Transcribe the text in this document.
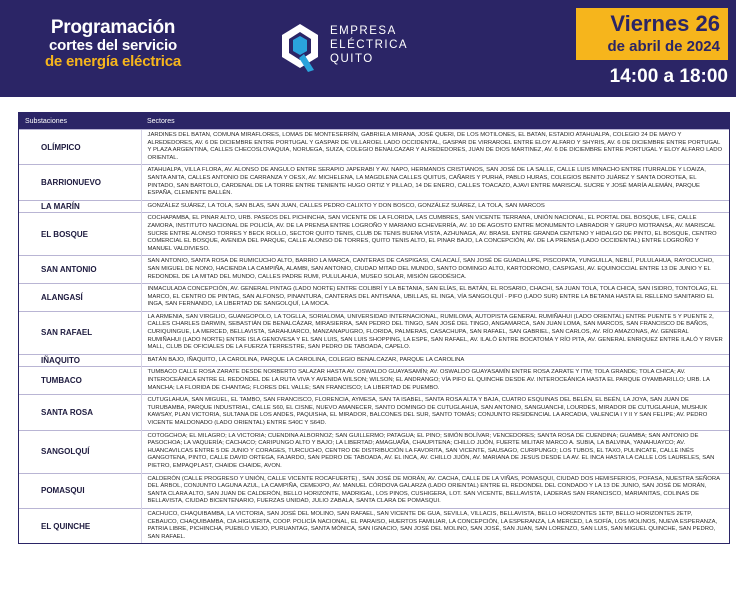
Programación
cortes del servicio
de energía eléctrica
EMPRESA
ELÉCTRICA
QUITO
Viernes 26
de abril de 2024
14:00 a 18:00
Substaciones	Sectores
OLÍMPICO	JARDINES DEL BATAN, COMUNA MIRAFLORES, LOMAS DE MONTESERRÍN, GABRIELA MIRANA, JOSÉ QUERI, DE LOS MOTILONES, EL BATAN, ESTADIO ATAHUALPA, COLEGIO 24 DE MAYO Y ALREDEDORES, AV. 6 DE DICIEMBRE ENTRE PORTUGAL Y GASPAR DE VILLAROEL LADO OCCIDENTAL, GASPAR DE VIRRAROEL ENTRE ELOY ALFARO Y SHYRIS, AV. 6 DE DICIEMBRE ENTRE PORTUGAL Y PLAZA ARGENTINA, CALLES CHECOSLOVAQUIA, NORUEGA, SUIZA, COLEGIO BENALCAZAR Y ALREDEDORES, JUAN DE DIOS MARTINEZ, AV. 6 DE DICIEMBRE ENTRE PORTUGAL Y ELOY ALFARO LADO ORIENTAL.
BARRIONUEVO	ATAHUALPA, VILLA FLORA, AV. ALONSO DE ANGULO ENTRE SERAPIO JAPERABI Y AV. NAPO, HERMANOS CRISTIANOS, SAN JOSÉ DE LA SALLE, CALLE LUIS MINACHO ENTRE ITURRALDE Y LOAIZA, SANTA ANITA, CALLES ANTONIO DE CARRANZA Y OESX, AV. MICHELENA, LA MAGDLENA CALLES QUITUS, CAÑARIS Y PURHÁ, PABLO HURAS, COLEGIOS BENITO JUÁREZ Y SANTA DOROTEA, EL PINTADO, SAN BARTOLO, CARDENAL DE LA TORRE ENTRE TENIENTE HUGO ORTIZ Y PILLAO, 14 DE ENERO, CALLES TOACAZO, AJAVI ENTRE MARISCAL SUCRE Y JOSÉ MARÍA ALEMÁN, PARQUE ESPAÑA, CLEMENTE BALLÉN.
LA MARÍN	GONZÁLEZ SUÁREZ, LA TOLA, SAN BLAS, SAN JUAN, CALLES PEDRO CALIXTO Y DON BOSCO, GONZÁLEZ SUÁREZ, LA TOLA, SAN MARCOS
EL BOSQUE	COCHAPAMBA, EL PINAR ALTO, URB. PASEOS DEL PICHINCHA, SAN VICENTE DE LA FLORIDA, LAS CUMBRES, SAN VICENTE TERRANA, UNIÓN NACIONAL, EL PORTAL DEL BOSQUE, LIFE, CALLE ZAMORA, INSTITUTO NACIONAL DE POLICÍA, AV. DE LA PRENSA ENTRE LOGROÑO Y MARIANO ECHEVERRÍA, AV. 10 DE AGOSTO ENTRE MONUMENTO LABRADOR Y GRUPO MOTRANSA, AV. MARISCAL SUCRE ENTRE ALONSO TORRES Y BECK ROLLO, SECTOR QUITO TENIS, CLUB DE TENIS BUENA VISTA, AZHUNAGA, AV. BRASIL ENTRE GRANDA CENTENO Y HIDALGO DE PINTO, EL BOSQUE, CENTRO COMERCIAL EL BOSQUE, AVENIDA DEL PARQUE, CALLE ALONSO DE TORRES, QUITO TENIS ALTO, EL PINAR BAJO, LA CONCEPCIÓN, AV. DE LA PRENSA (LADO OCCIDENTAL) ENTRE LOGROÑO Y MANUEL VALDIVIESO.
SAN ANTONIO	SAN ANTONIO, SANTA ROSA DE RUMICUCHO ALTO, BARRIO LA MARCA, CANTERAS DE CASPIGASI, CALACALÍ, SAN JOSÉ DE GUADALUPE, PISCOPATA, YUNGUILLA, NEBLÍ, PULULAHUA, RAYOCUCHO, SAN MIGUEL DE NONO, HACIENDA LA CAMPIÑA, ALAMBI, SAN ANTONIO, CIUDAD MITAD DEL MUNDO, SANTO DOMINGO ALTO, KARTODROMO, CASPIGASI, AV. EQUINOCCIAL ENTRE 13 DE JUNIO Y EL REDONDEL DE LA MITAD DEL MUNDO, CALLES PADRE RUMI, PULULAHUA, MUSEO SOLAR, MISIÓN GEODÉSICA.
ALANGASÍ	INMACULADA CONCEPCIÓN, AV. GENERAL PINTAG (LADO NORTE) ENTRE COLIBRÍ Y LA BETANIA, SAN ELÍAS, EL BATÁN, EL ROSARIO, CHACHI, SA JUAN TOLA, TOLA CHICA, SAN ISIDRO, TONTOLAG, EL MARCO, EL CENTRO DE PINTAG, SAN ALFONSO, PINANTURA, CANTERAS DEL ANTISANA, UBILLAS, EL INGA, VÍA SANGOLQUÍ - PIFO (LADO SUR) ENTRE LA BETANIA HASTA EL RELLENO SANITARIO EL INGA, SAN FERNANDO, LA LIBERTAD DE SANGOLQUÍ, LA MOCA.
SAN RAFAEL	LA ARMENIA, SAN VIRGILIO, GUANGOPOLO, LA TOGLLA, SORIALOMA, UNIVERSIDAD INTERNACIONAL, RUMILOMA, AUTOPISTA GENERAL RUMIÑAHUI (LADO ORIENTAL) ENTRE PUENTE 5 Y PUENTE 2, CALLES CHARLES DARWIN, SEBASTIÁN DE BENALCÁZAR, MIRASIERRA, SAN PEDRO DEL TINGO, SAN JOSÉ DEL TINGO, ANGAMARCA, SAN JUAN LOMA, SAN MARCOS, SAN FRANCISCO DE BAÑOS, CURIQUINGUE, LA MERCED, BELLAVISTA, SARAHUARCO, MANZANAPUGRO, FLORIDA, PALMERAS, CASACHUPA, SAN RAFAEL, SAN GABRIEL, SAN CARLOS, AV. RÍO AMAZONAS, AV. GENERAL RUMIÑAHUI (LADO NORTE) ENTRE ISLA GENOVESA Y EL SAN LUIS, SAN LUIS SHOPPING, LA ESPE, SAN RAFAEL, AV. ILALÓ ENTRE BOCATOMA Y RÍO PITA, AV. GENERAL ENRIQUEZ ENTRE ILALÓ Y RIVER MALL, CLUB DE OFICIALES DE LA FUERZA TERRESTRE, SAN PEDRO DE TABOADA, CAPELO.
IÑAQUITO	BATÁN BAJO, IÑAQUITO, LA CAROLINA, PARQUE LA CAROLINA, COLEGIO BENALCAZAR, PARQUE LA CAROLINA
TUMBACO	TUMBACO CALLE ROSA ZARATE DESDE NORBERTO SALAZAR HASTA AV. OSWALDO GUAYASAMÍN; AV. OSWALDO GUAYASAMÍN ENTRE ROSA ZARATE Y ITM; TOLA GRANDE; TOLA CHICA; AV. INTEROCEÁNICA ENTRE EL REDONDEL DE LA RUTA VIVA Y AVENIDA WILSON; WILSON; EL ANDRANGO; VÍA PIFO EL QUINCHE DESDE AV. INTEROCEÁNICA HASTA EL PARQUE OYAMBARILLO; URB. LA MANCHA; LA FLORIDA DE CHANTAG; FLORES DEL VALLE; SAN FRANCISCO; LA LIBERTAD DE PUEMBO.
SANTA ROSA	CUTUGLAHUA, SAN MIGUEL, EL TAMBO, SAN FRANCISCO, FLORENCIA, AYMESA, SAN TA ISABEL, SANTA ROSA ALTA Y BAJA, CUATRO ESQUINAS DEL BELÉN, EL BEÉN, LA JOYA, SAN JUAN DE TURUBAMBA, PARQUE INDUSTRIAL, CALLE S60, EL CISNE, NUEVO AMANECER, SANTO DOMINGO DE CUTUGLAHUA, SAN ANTONIO, SANGUANCHI, LOURDES, MIRADOR DE CUTUGLAHUA, MUSHUK KAWSAY, PLAN VICTORIA, SULTANA DE LOS ANDES, PAQUISHA, EL MIRADOR, BALCONES DEL SUR, SANTO TOMÁS; CONJUNTO RESIDENCIAL LA ARCADIA, VALENCIA I Y II Y SAN FELIPE; AV. PEDRO VICENTE MALDONADO (LADO ORIENTAL) ENTRE S40C Y S64D.
SANGOLQUÍ	COTOGCHOA; EL MILAGRO; LA VICTORIA; CUENDINA ALBORNOZ; SAN GUILLERMO; PATAGUA; EL PINO; SIMÓN BOLÍVAR; VENCEDORES; SANTA ROSA DE CUENDINA; GUAMBA; SAN ANTONIO DE PASOCHOA; LA VAQUERÍA; CACHACO; CARIPUNGO ALTO Y BAJO; LA LIBERTAD; AMAGUAÑA, CHAUPITENA; CHILLO JIJÓN, FUERTE MILITAR MARCO A. SUBIA, LA BALVINA, YANAHUAYCO; AV. HUANCAVILCAS ENTRE 5 DE JUNIO Y CORAGES, TURCUCHO, CENTRO DE DISTRIBUCIÓN LA FAVORITA, SAN VICENTE, SAUSAGO, CURIPUNGO; LOS TUBOS, EL TAXO, PULINCATE, CALLE INÉS GANGOTENA, PINTO, CALLE DAVID ORTEGA, FAJARDO, SAN PEDRO DE TABOADA, AV. EL INCA, AV. CHILLO JIJÓN, AV. MARIANA DE JESUS DESDE LA AV. EL INCA HASTA LA CALLE LOS LAURELES, SAN PIETRO, EMPAQPLAST, CHAIDE CHAIDE, AVON.
POMASQUI	CALDERÓN (CALLE PROGRESO Y UNIÓN, CALLE VICENTE ROCAFUERTE) , SAN JOSÉ DE MORÁN, AV. CACHA, CALLE DE LA VIÑAS, POMASQUI, CIUDAD DOS HEMISFERIOS, POFASA, NUESTRA SEÑORA DEL ÁRBOL, CONJUNTO LAGUNA AZUL, LA CAMPIÑA, CEMEXPO, AV. MANUEL CÓRDOVA GALARZA (LADO ORIENTAL) ENTRE EL REDONDEL DEL CONDADO Y LA 13 DE JUNIO, SAN JOSÉ DE MORÁN, SANTA CLARA ALTO, SAN JUAN DE CALDERÓN, BELLO HORIZONTE, MADRIGAL, LOS PINOS, CUSHIGERA, LOT. SAN VICENTE, BELLAVISTA, LADERAS SAN FRANCISCO, MARIANITAS, COLINAS DE BELLAVISTA, CIUDAD BICENTENARIO, FUERZAS UNIDAD, JULIO ZABALA, SANTA CLARA DE POMASQUI.
EL QUINCHE	CACHUCO, CHAQUIBAMBA, LA VICTORIA, SAN JOSÉ DEL MOLINO, SAN RAFAEL, SAN VICENTE DE GUA, SEVILLA, VILLACIS, BELLAVISTA, BELLO HORIZONTES 1ETP, BELLO HORIZONTES 2ETP, CEBAUCO, CHAQUIBAMBA, CIA.HIGUERITA, COOP. POLICÍA NACIONAL, EL PARAISO, HUERTOS FAMILIAR, LA CONCEPCIÓN, LA ESPERANZA, LA MERCED, LA SOFÍA, LOS MOLINOS, NUEVA ESPERANZA, PATRIA LIBRE, PICHINCHA, PUEBLO VIEJO, PURUANTAG, SANTA MÓNICA, SAN IGNACIO, SAN JOSÉ DEL MOLINO, SAN JOSÉ, SAN JUAN, SAN LORENZO, SAN LUIS, SAN MIGUEL QUINCHE, SAN PEDRO, SAN RAFAEL.
